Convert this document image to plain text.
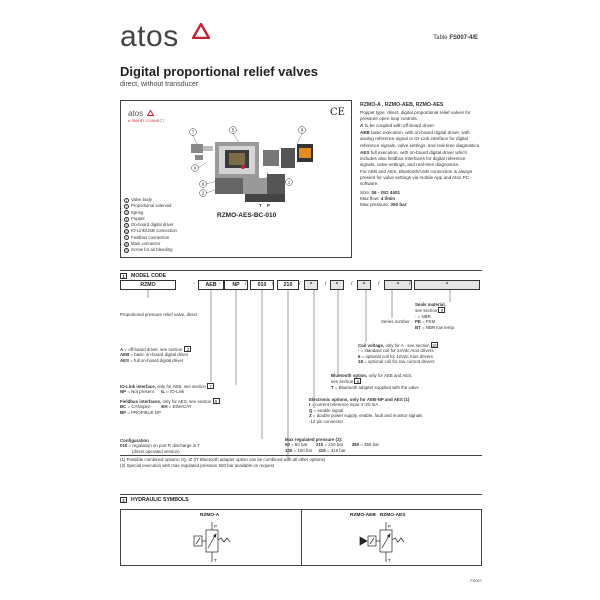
atos	Table FS007-4/E
Digital proportional relief valves
direct, without transducer
atos
e-SMART CONNECT
CE
7	5	8
6
9
2
1
T P
1 Valve body
2 Proportional solenoid
3 Spring
4 Poppet
5 On-board digital driver
6 IO-Link/USB connection
7 Fieldbus connection
8 Main connector
9 Screw for air bleeding
RZMO-AES-BC-010
RZMO-A , RZMO-AEB, RZMO-AES

Poppet type, direct, digital proportional relief valves for pressure open loop controls.

A to be coupled with off-board driver.

AEB basic execution, with on-board digital driver, with analog reference signal or IO-Link interface for digital reference signals, valve settings, and real-time diagnostics.

AES full execution, with on-board digital driver which includes also fieldbus interfaces for digital reference signals, valve settings, and real-time diagnostics.

For AEB and AES, Bluetooth/USB connection is always present for valve settings via mobile App and Atos PC software.

Size: 06 - ISO 4401
Max flow: 4 l/min
Max pressure: 350 bar
1	MODEL CODE
RZMO	AEB	NP	010	210	*	*	*	*	*
-	-	/	/	/	/	/	/	/
Proportional pressure relief valve, direct
Series number
Seals material,
see section 9
- = NBR
PE = FKM
BT = NBR low temp.
A = off-board driver, see section 3
AEB = basic on-board digital driver
AES = full on-board digital driver
Coil voltage, only for A - see section 16
- = standard coil for 24Vdc Atos drivers
6 = optional coil for 12Vdc Atos drivers
18 = optional coil for low current drivers
Bluetooth option, only for AEB and AES,
see section 6
T = Bluetooth adapter supplied with the valve
IO-Link interface, only for AEB, see section 7
NP = Not present IL = IO-Link
Fieldbus interfaces, only for AES, see section 8
BC = CANopen EH = EtherCAT
BP = PROFIBUS DP
Electronic options, only for AEB-NP and AES (1)
I = current reference input 4÷20 mA
Q = enable signal
Z = double power supply, enable, fault and monitor signals -12 pin connector
Configuration
010 = regulation on port P, discharge in T
(direct operated version)
Max regulated pressure (2):
50 = 50 bar 210 = 210 bar 350 = 350 bar
100 = 100 bar 315 = 315 bar
(1) Possible combined options: IQ, IZ (IT Bluetooth adapter option can be combined with all other options)
(2) Special execution with max regulated pressure 500 bar available on request
2	HYDRAULIC SYMBOLS
RZMO-A	RZMO-AEB   RZMO-AES
P
T
P
T
FS007
